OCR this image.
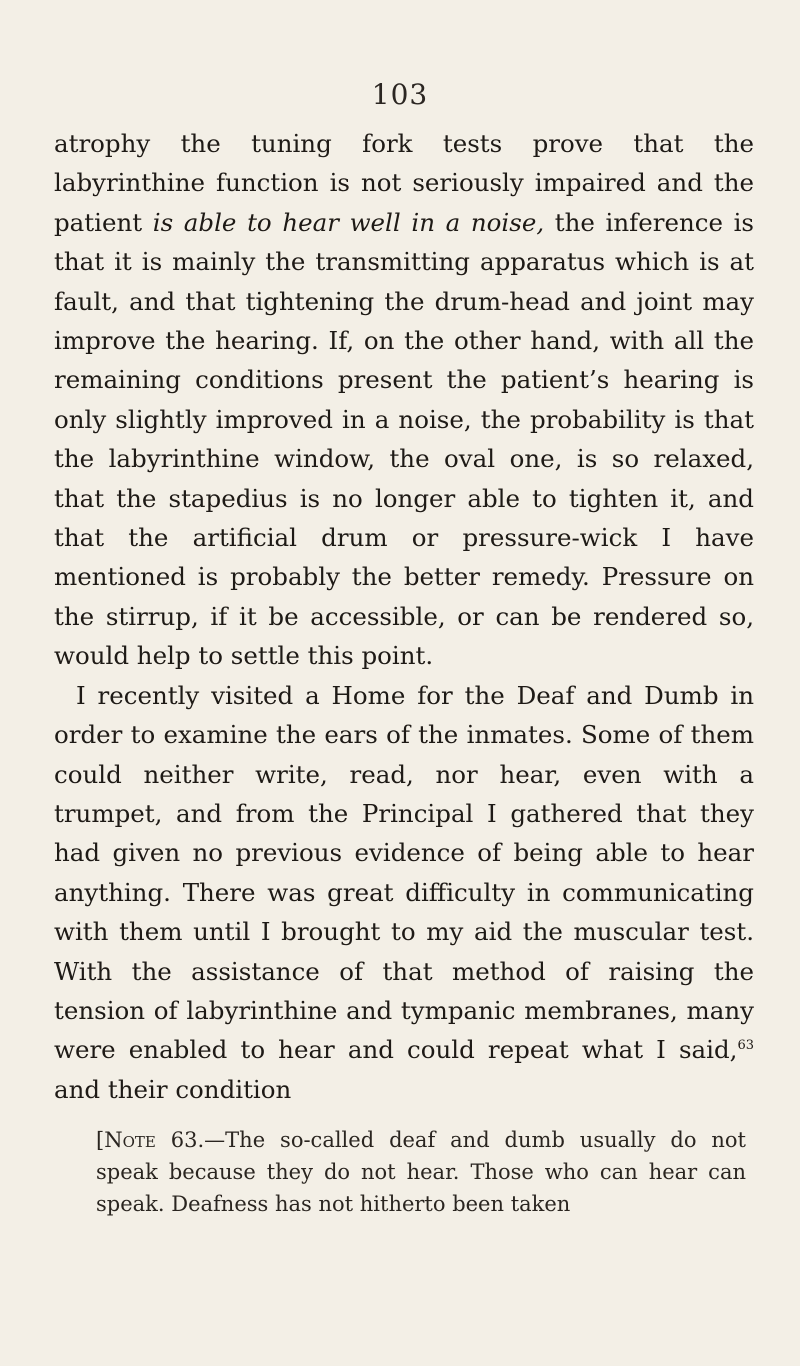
103

atrophy the tuning fork tests prove that the labyrinthine function is not seriously impaired and the patient is able to hear well in a noise, the inference is that it is mainly the transmitting apparatus which is at fault, and that tightening the drum-head and joint may improve the hearing. If, on the other hand, with all the remaining conditions present the patient’s hearing is only slightly improved in a noise, the probability is that the labyrinthine window, the oval one, is so relaxed, that the stapedius is no longer able to tighten it, and that the artificial drum or pressure-wick I have mentioned is probably the better remedy. Pressure on the stirrup, if it be accessible, or can be rendered so, would help to settle this point.

I recently visited a Home for the Deaf and Dumb in order to examine the ears of the inmates. Some of them could neither write, read, nor hear, even with a trumpet, and from the Principal I gathered that they had given no previous evidence of being able to hear anything. There was great difficulty in communicating with them until I brought to my aid the muscular test. With the assistance of that method of raising the tension of labyrinthine and tympanic membranes, many were enabled to hear and could repeat what I said,$^{63}$ and their condition

[Note 63.—The so-called deaf and dumb usually do not speak because they do not hear. Those who can hear can speak. Deafness has not hitherto been taken
